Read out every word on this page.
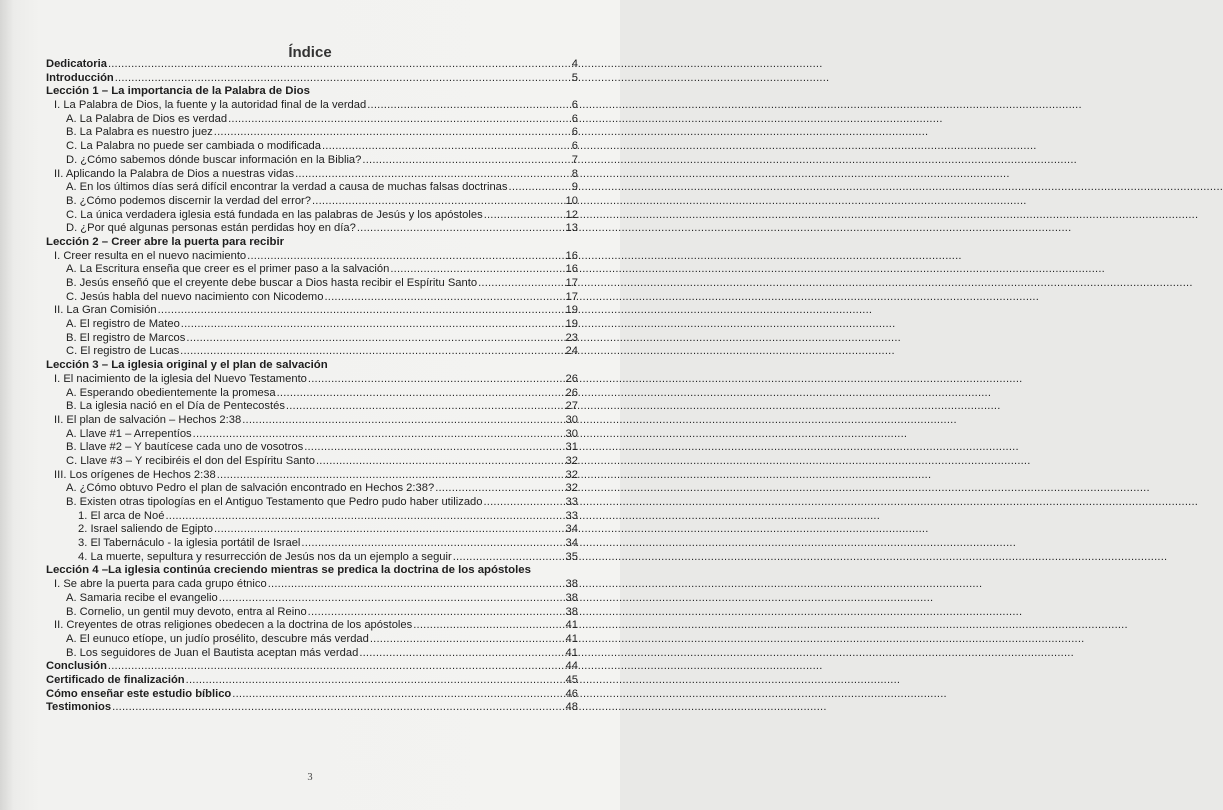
Índice
Dedicatoria .....	4
Introducción .....	5
Lección 1 – La importancia de la Palabra de Dios
I. La Palabra de Dios, la fuente y la autoridad final de la verdad .....	6
A. La Palabra de Dios es verdad .....	6
B. La Palabra es nuestro juez .....	6
C. La Palabra no puede ser cambiada o modificada .....	6
D. ¿Cómo sabemos dónde buscar información en la Biblia? .....	7
II. Aplicando la Palabra de Dios a nuestras vidas .....	8
A. En los últimos días será difícil encontrar la verdad a causa de muchas falsas doctrinas .....	9
B. ¿Cómo podemos discernir la verdad del error? .....	10
C. La única verdadera iglesia está fundada en las palabras de Jesús y los apóstoles .....	12
D. ¿Por qué algunas personas están perdidas hoy en día? .....	13
Lección 2 – Creer abre la puerta para recibir
I. Creer resulta en el nuevo nacimiento .....	16
A. La Escritura enseña que creer es el primer paso a la salvación .....	16
B. Jesús enseñó que el creyente debe buscar a Dios hasta recibir el Espíritu Santo .....	17
C. Jesús habla del nuevo nacimiento con Nicodemo .....	17
II. La Gran Comisión .....	19
A. El registro de Mateo .....	19
B. El registro de Marcos .....	23
C. El registro de Lucas .....	24
Lección 3 – La iglesia original y el plan de salvación
I. El nacimiento de la iglesia del Nuevo Testamento .....	26
A. Esperando obedientemente la promesa .....	26
B. La iglesia nació en el Día de Pentecostés .....	27
II. El plan de salvación – Hechos 2:38 .....	30
A. Llave #1 – Arrepentíos .....	30
B. Llave #2 – Y bautícese cada uno de vosotros .....	31
C. Llave #3 – Y recibiréis el don del Espíritu Santo .....	32
III. Los orígenes de Hechos 2:38 .....	32
A. ¿Cómo obtuvo Pedro el plan de salvación encontrado en Hechos 2:38? .....	32
B. Existen otras tipologías en el Antiguo Testamento que Pedro pudo haber utilizado .....	33
1. El arca de Noé .....	33
2. Israel saliendo de Egipto .....	34
3. El Tabernáculo - la iglesia portátil de Israel .....	34
4. La muerte, sepultura y resurrección de Jesús nos da un ejemplo a seguir .....	35
Lección 4 –La iglesia continúa creciendo mientras se predica la doctrina de los apóstoles
I. Se abre la puerta para cada grupo étnico .....	38
A. Samaria recibe el evangelio .....	38
B. Cornelio, un gentil muy devoto, entra al Reino .....	38
II. Creyentes de otras religiones obedecen a la doctrina de los apóstoles .....	41
A. El eunuco etíope, un judío prosélito, descubre más verdad .....	41
B. Los seguidores de Juan el Bautista aceptan más verdad .....	41
Conclusión .....	44
Certificado de finalización .....	45
Cómo enseñar este estudio bíblico .....	46
Testimonios .....	48
3
